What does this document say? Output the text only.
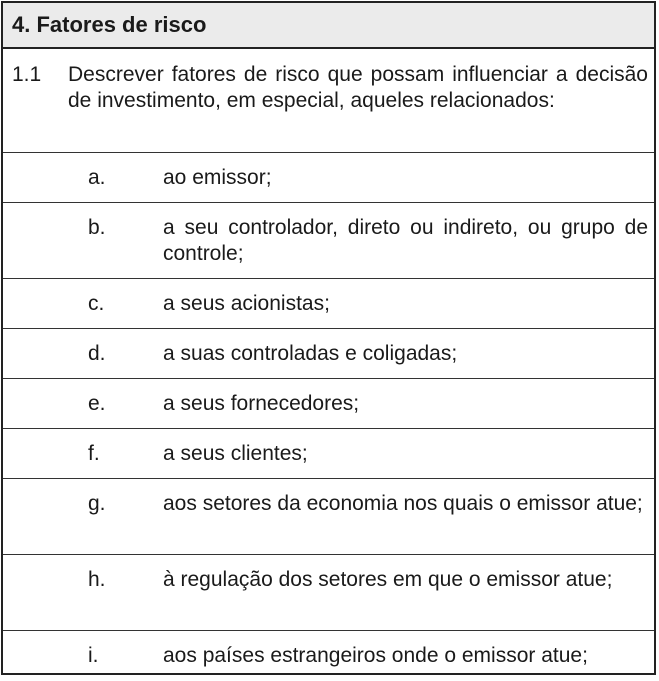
4. Fatores de risco
1.1	Descrever fatores de risco que possam influenciar a decisão de investimento, em especial, aqueles relacionados:
a.	ao emissor;
b.	a seu controlador, direto ou indireto, ou grupo de controle;
c.	a seus acionistas;
d.	a suas controladas e coligadas;
e.	a seus fornecedores;
f.	a seus clientes;
g.	aos setores da economia nos quais o emissor atue;
h.	à regulação dos setores em que o emissor atue;
i.	aos países estrangeiros onde o emissor atue;
